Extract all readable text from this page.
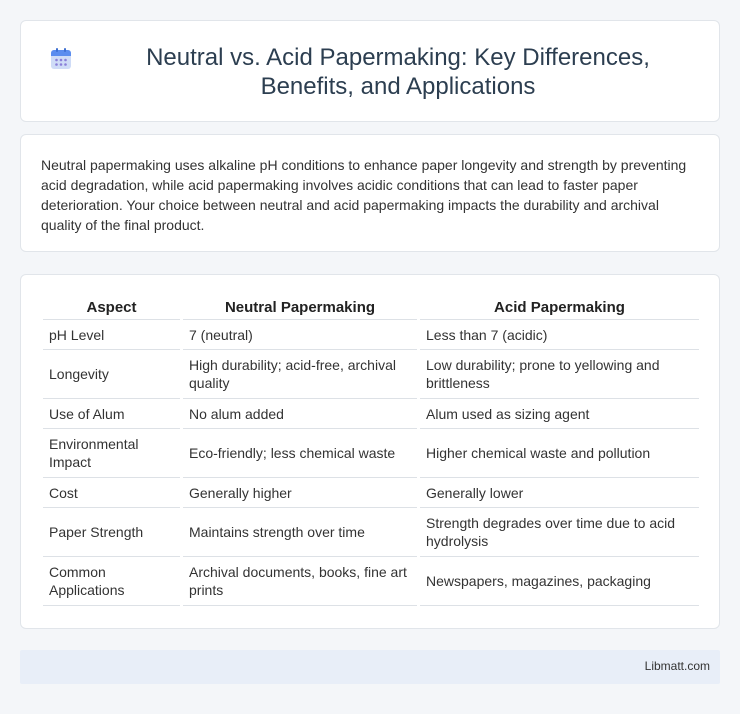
Neutral vs. Acid Papermaking: Key Differences, Benefits, and Applications

Neutral papermaking uses alkaline pH conditions to enhance paper longevity and strength by preventing acid degradation, while acid papermaking involves acidic conditions that can lead to faster paper deterioration. Your choice between neutral and acid papermaking impacts the durability and archival quality of the final product.

Aspect		Neutral Papermaking		Acid Papermaking
pH Level		7 (neutral)		Less than 7 (acidic)
Longevity		High durability; acid-free, archival quality		Low durability; prone to yellowing and brittleness
Use of Alum		No alum added		Alum used as sizing agent
Environmental Impact		Eco-friendly; less chemical waste		Higher chemical waste and pollution
Cost		Generally higher		Generally lower
Paper Strength		Maintains strength over time		Strength degrades over time due to acid hydrolysis
Common Applications		Archival documents, books, fine art prints		Newspapers, magazines, packaging
Libmatt.com
